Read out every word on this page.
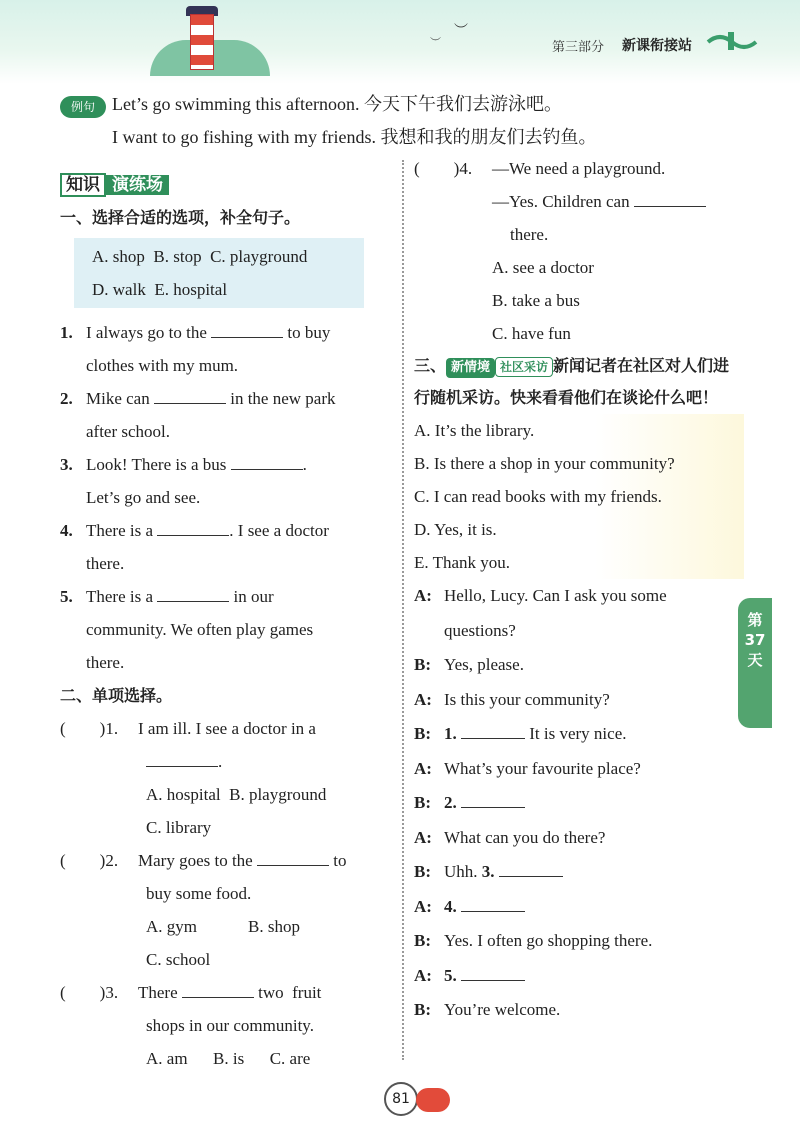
︶
︶	第三部分 新课衔接站
例句 Let’s go swimming this afternoon. 今天下午我们去游泳吧。
I want to go fishing with my friends. 我想和我的朋友们去钓鱼。
知识 演练场
一、选择合适的选项，补全句子。
A. shop  B. stop  C. playground
D. walk  E. hospital
1. I always go to the	to buy
clothes with my mum.
2. Mike can	in the new park
after school.
3. Look! There is a bus	.
Let’s go and see.
4. There is a	. I see a doctor
there.
5. There is a	in our
community. We often play games
there.
二、单项选择。
(        )1. I am ill. I see a doctor in a
.
A. hospital  B. playground
C. library
(        )2. Mary goes to the	to
buy some food.
A. gym            B. shop
C. school
(        )3. There	two  fruit
shops in our community.
A. am      B. is      C. are
(        )4. —We need a playground.
—Yes. Children can
there.
A. see a doctor
B. take a bus
C. have fun
三、 新情境 社区采访 新闻记者在社区对人们进行随机采访。快来看看他们在谈论什么吧！
A. It’s the library.
B. Is there a shop in your community?
C. I can read books with my friends.
D. Yes, it is.
E. Thank you.
A: Hello, Lucy. Can I ask you some
questions?
B: Yes, please.
A: Is this your community?
B: 1.	It is very nice.
A: What’s your favourite place?
B: 2.
A: What can you do there?
B: Uhh. 3.
A: 4.
B: Yes. I often go shopping there.
A: 5.
B: You’re welcome.
第37天
81
